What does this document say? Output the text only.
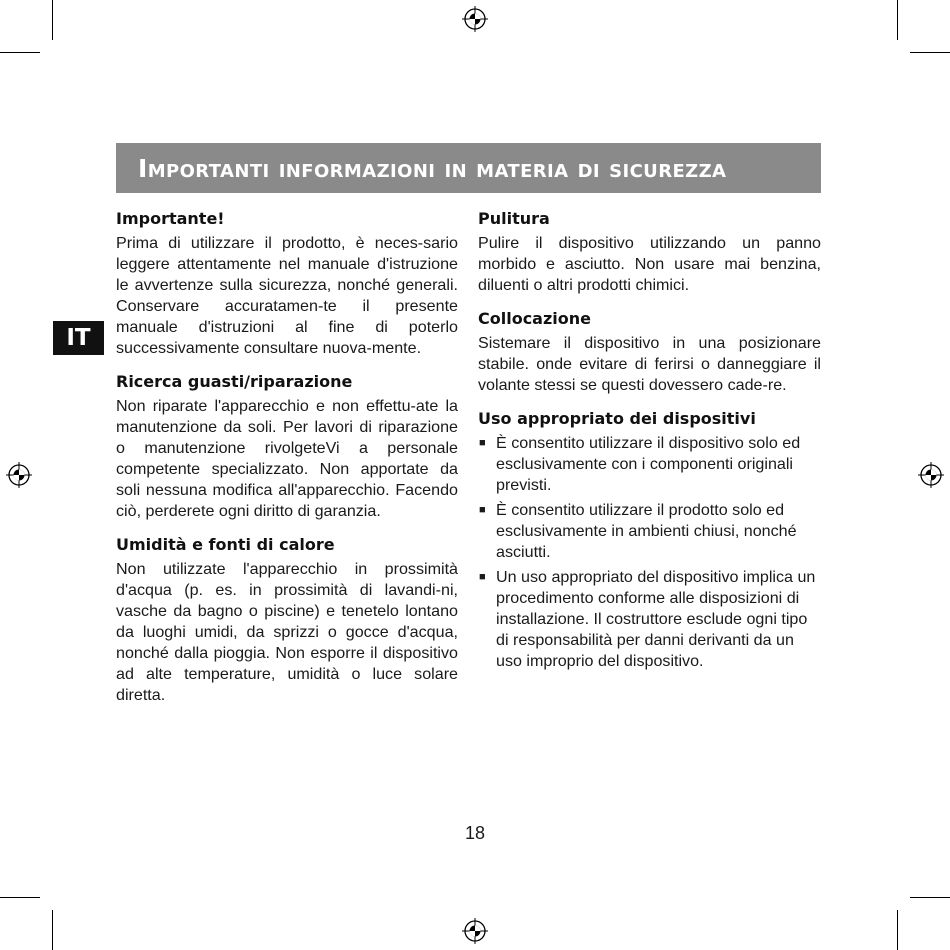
Importanti informazioni in materia di sicurezza
IT
Importante!

Prima di utilizzare il prodotto, è neces-sario leggere attentamente nel manuale d'istruzione le avvertenze sulla sicurezza, nonché generali. Conservare accuratamen-te il presente manuale d'istruzioni al fine di poterlo successivamente consultare nuova-mente.

Ricerca guasti/riparazione

Non riparate l'apparecchio e non effettu-ate la manutenzione da soli. Per lavori di riparazione o manutenzione rivolgeteVi a personale competente specializzato. Non apportate da soli nessuna modifica all'apparecchio. Facendo ciò, perderete ogni diritto di garanzia.

Umidità e fonti di calore

Non utilizzate l'apparecchio in prossimità d'acqua (p. es. in prossimità di lavandi-ni, vasche da bagno o piscine) e tenetelo lontano da luoghi umidi, da sprizzi o gocce d'acqua, nonché dalla pioggia. Non esporre il dispositivo ad alte temperature, umidità o luce solare diretta.

Pulitura

Pulire il dispositivo utilizzando un panno morbido e asciutto. Non usare mai benzina, diluenti o altri prodotti chimici.

Collocazione

Sistemare il dispositivo in una posizionare stabile. onde evitare di ferirsi o danneggiare il volante stessi se questi dovessero cade-re.

Uso appropriato dei dispositivi
■ È consentito utilizzare il dispositivo solo ed esclusivamente con i componenti originali previsti.
■ È consentito utilizzare il prodotto solo ed esclusivamente in ambienti chiusi, nonché asciutti.
■ Un uso appropriato del dispositivo implica un procedimento conforme alle disposizioni di installazione. Il costruttore esclude ogni tipo di responsabilità per danni derivanti da un uso improprio del dispositivo.
18
